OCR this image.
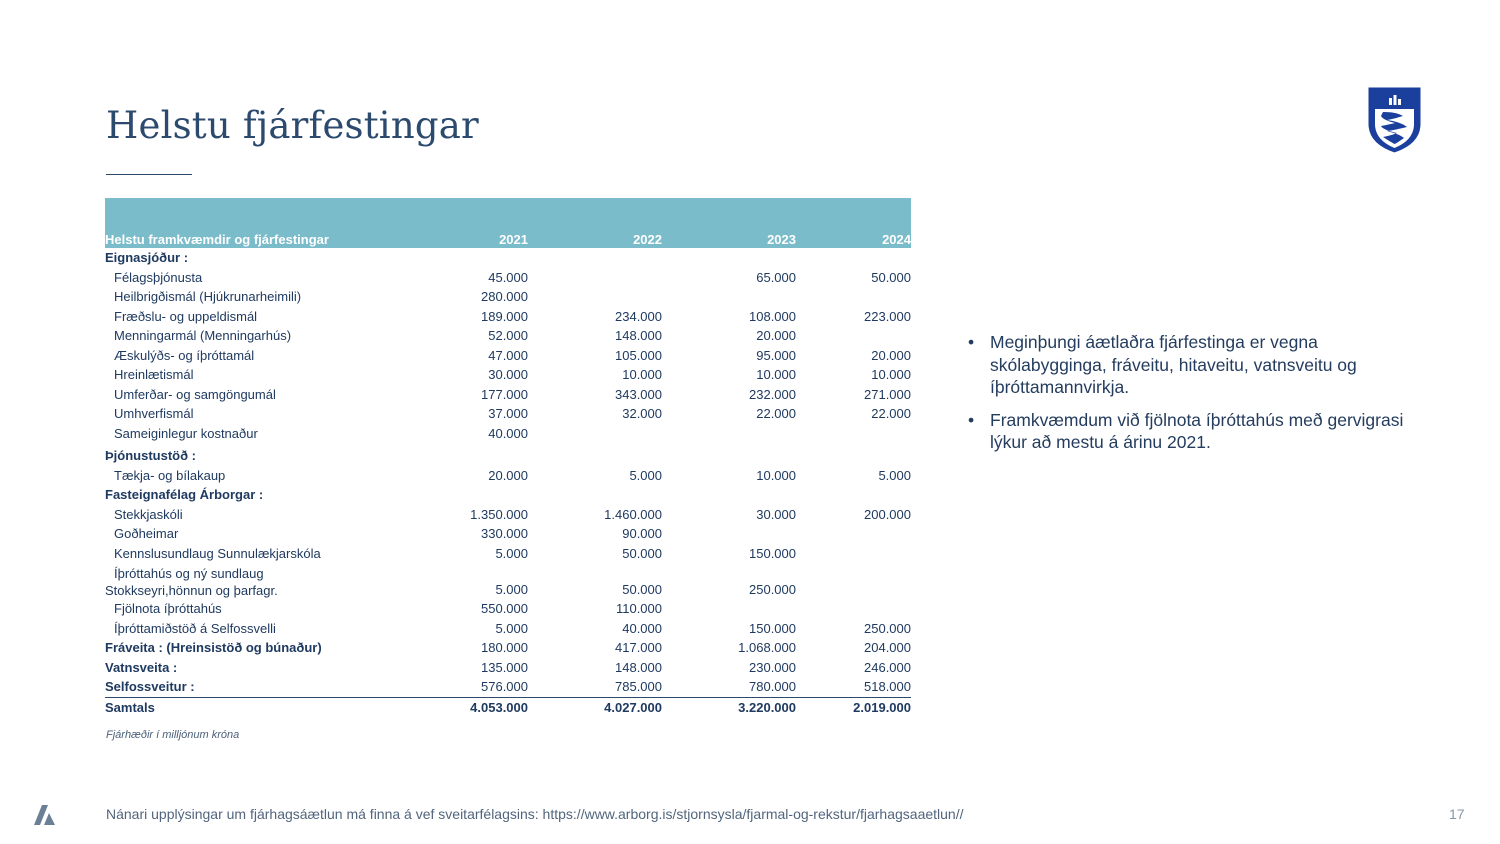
Helstu fjárfestingar
Helstu framkvæmdir og fjárfestingar	2021	2022	2023	2024
Eignasjóður :				
Félagsþjónusta	45.000		65.000	50.000
Heilbrigðismál (Hjúkrunarheimili)	280.000			
Fræðslu- og uppeldismál	189.000	234.000	108.000	223.000
Menningarmál (Menningarhús)	52.000	148.000	20.000	
Æskulýðs- og íþróttamál	47.000	105.000	95.000	20.000
Hreinlætismál	30.000	10.000	10.000	10.000
Umferðar- og samgöngumál	177.000	343.000	232.000	271.000
Umhverfismál	37.000	32.000	22.000	22.000
Sameiginlegur kostnaður	40.000			
Þjónustustöð :				
Tækja- og bílakaup	20.000	5.000	10.000	5.000
Fasteignafélag Árborgar :				
Stekkjaskóli	1.350.000	1.460.000	30.000	200.000
Goðheimar	330.000	90.000		
Kennslusundlaug Sunnulækjarskóla	5.000	50.000	150.000	

Íþróttahús og ný sundlaug
Stokkseyri,hönnun og þarfagr.	5.000	50.000	250.000	
Fjölnota íþróttahús	550.000	110.000		
Íþróttamiðstöð á Selfossvelli	5.000	40.000	150.000	250.000
Fráveita : (Hreinsistöð og búnaður)	180.000	417.000	1.068.000	204.000
Vatnsveita :	135.000	148.000	230.000	246.000
Selfossveitur :	576.000	785.000	780.000	518.000
Samtals	4.053.000	4.027.000	3.220.000	2.019.000
Fjárhæðir í milljónum króna
• Meginþungi áætlaðra fjárfestinga er vegna skólabygginga, fráveitu, hitaveitu, vatnsveitu og íþróttamannvirkja.
• Framkvæmdum við fjölnota íþróttahús með gervigrasi lýkur að mestu á árinu 2021.
Nánari upplýsingar um fjárhagsáætlun má finna á vef sveitarfélagsins: https://www.arborg.is/stjornsysla/fjarmal-og-rekstur/fjarhagsaaetlun//	17
